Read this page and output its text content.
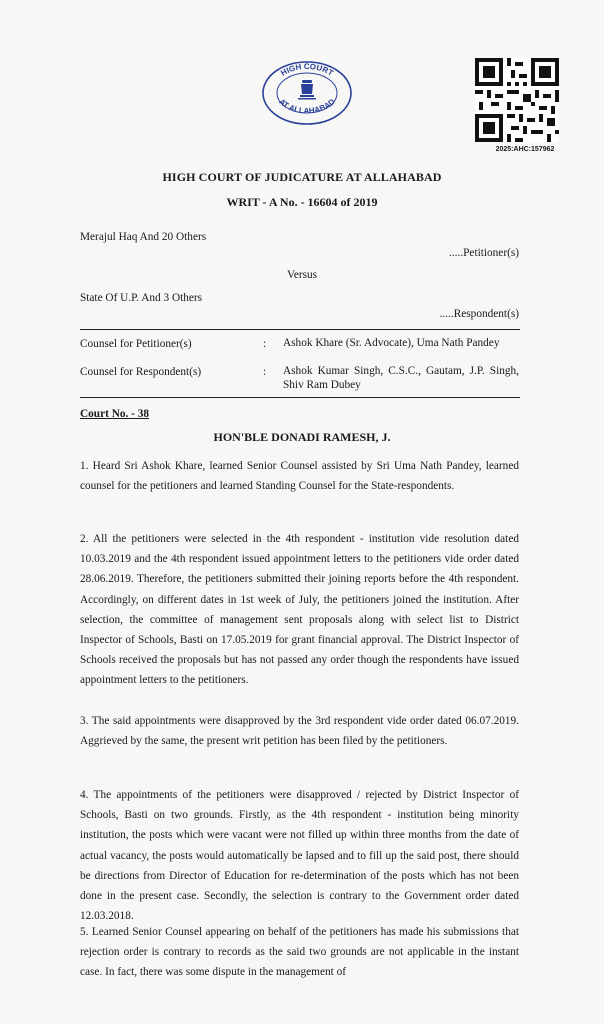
HIGH COURT
AT ALLAHABAD
2025:AHC:157962
HIGH COURT OF JUDICATURE AT ALLAHABAD
WRIT - A No. - 16604 of 2019
Merajul Haq And 20 Others
.....Petitioner(s)
Versus
State Of U.P. And 3 Others
.....Respondent(s)
Counsel for Petitioner(s)	: Ashok Khare (Sr. Advocate), Uma Nath Pandey
Counsel for Respondent(s)	: Ashok Kumar Singh, C.S.C., Gautam, J.P. Singh, Shiv Ram Dubey
Court No. - 38
HON'BLE DONADI RAMESH, J.
1. Heard Sri Ashok Khare, learned Senior Counsel assisted by Sri Uma Nath Pandey, learned counsel for the petitioners and learned Standing Counsel for the State-respondents.
2. All the petitioners were selected in the 4th respondent - institution vide resolution dated 10.03.2019 and the 4th respondent issued appointment letters to the petitioners vide order dated 28.06.2019. Therefore, the petitioners submitted their joining reports before the 4th respondent. Accordingly, on different dates in 1st week of July, the petitioners joined the institution. After selection, the committee of management sent proposals along with select list to District Inspector of Schools, Basti on 17.05.2019 for grant financial approval. The District Inspector of Schools received the proposals but has not passed any order though the respondents have issued appointment letters to the petitioners.
3. The said appointments were disapproved by the 3rd respondent vide order dated 06.07.2019. Aggrieved by the same, the present writ petition has been filed by the petitioners.
4. The appointments of the petitioners were disapproved / rejected by District Inspector of Schools, Basti on two grounds. Firstly, as the 4th respondent - institution being minority institution, the posts which were vacant were not filled up within three months from the date of actual vacancy, the posts would automatically be lapsed and to fill up the said post, there should be directions from Director of Education for re-determination of the posts which has not been done in the present case. Secondly, the selection is contrary to the Government order dated 12.03.2018.
5. Learned Senior Counsel appearing on behalf of the petitioners has made his submissions that rejection order is contrary to records as the said two grounds are not applicable in the instant case. In fact, there was some dispute in the management of
